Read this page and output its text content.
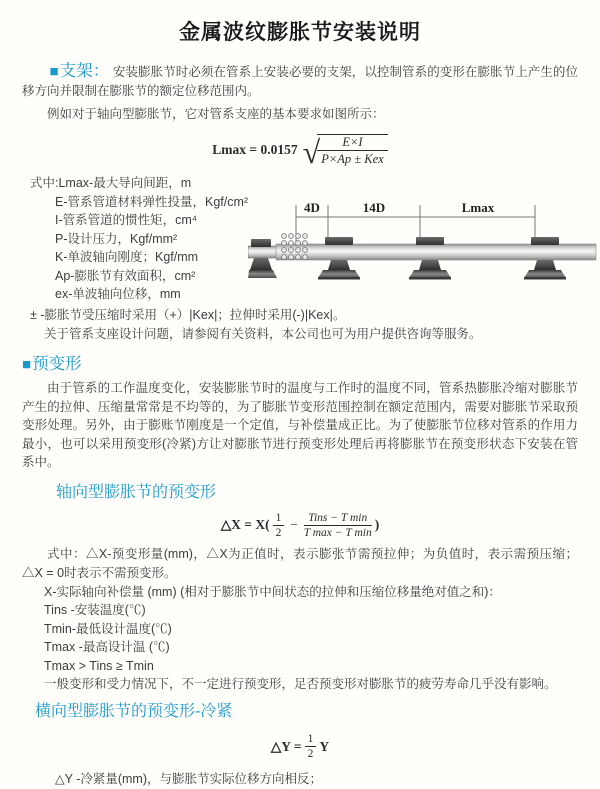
金属波纹膨胀节安装说明

■支架： 安装膨胀节时必须在管系上安装必要的支架，以控制管系的变形在膨胀节上产生的位移方向并限制在膨胀节的额定位移范围内。

例如对于轴向型膨胀节，它对管系支座的基本要求如图所示：

Lmax = 0.0157 √
$\frac{E\times I}{\text{P×Ap ± Kex}}$
式中:Lmax-最大导向间距，m
E-管系管道材料弹性投量，Kgf/cm²
I-管系管道的惯性矩，cm⁴
P-设计压力，Kgf/mm²
K-单波轴向刚度；Kgf/mm
Ap-膨胀节有效面积，cm²
ex-单波轴向位移，mm
4D	14D	Lmax
± -膨胀节受压缩时采用（+）|Kex|；拉伸时采用(-)|Kex|。
关于管系支座设计问题，请参阅有关资料，本公司也可为用户提供咨询等服务。

■预变形

由于管系的工作温度变化，安装膨胀节时的温度与工作时的温度不同，管系热膨胀冷缩对膨胀节产生的拉伸、压缩量常常是不均等的，为了膨胀节变形范围控制在额定范围内，需要对膨胀节采取预变形处理。另外，由于膨账节刚度是一个定值，与补偿量成正比。为了使膨胀节位移对管系的作用力最小，也可以采用预变形(冷紧)方让对膨胀节进行预变形处理后再将膨胀节在预变形状态下安装在管系中。

轴向型膨胀节的预变形

△X = $X( \frac{1}{2}$ − Tins − T min
T max − T min
)

式中：△X-预变形量(mm)，△X为正值时，表示膨张节需预拉伸；为负值时，表示需预压缩；△X = 0时表示不需预变形。

X-实际轴向补偿量 (mm) (相对于膨胀节中间状态的拉伸和压缩位移量绝对值之和)：
Tins -安装温度(℃)
Tmin-最低设计温度(℃)
Tmax -最高设计温 (℃)
Tmax > Tins ≥ Tmin
一般变形和受力情况下，不一定进行预变形，足否预变形对膨胀节的疲劳寿命几乎没有影响。

横向型膨胀节的预变形-冷紧

△Y = $\frac{1}{2}$ Y
△Y -冷紧量(mm)，与膨胀节实际位移方向相反；
